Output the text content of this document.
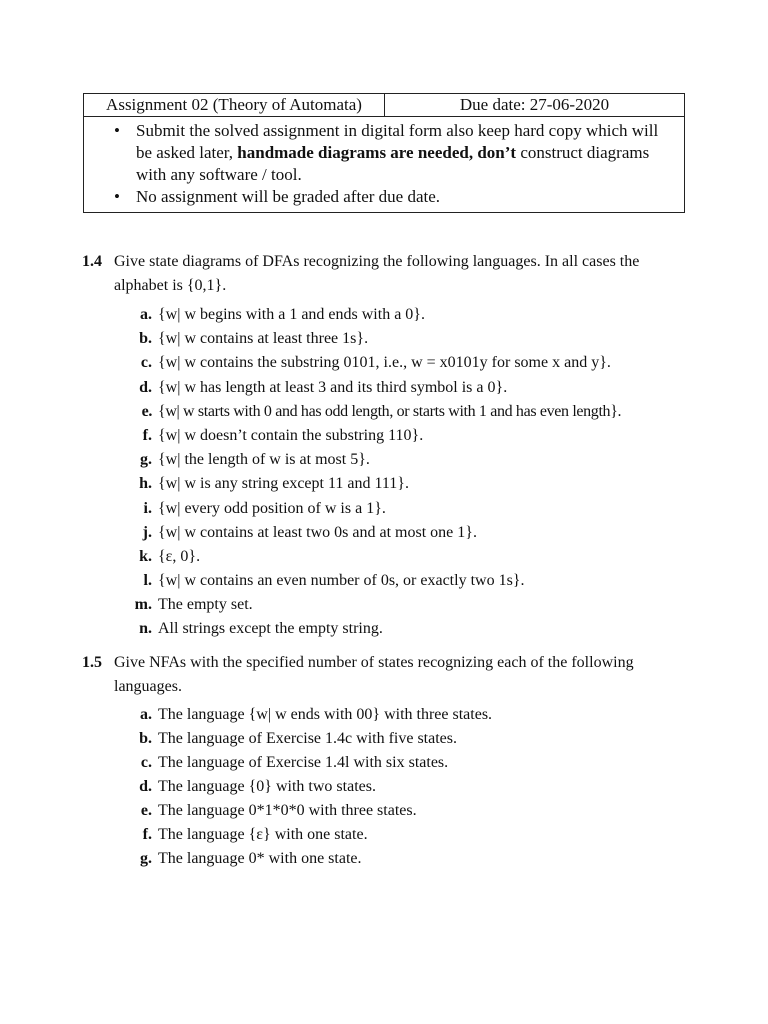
Assignment 02 (Theory of Automata)	Due date: 27-06-2020

• Submit the solved assignment in digital form also keep hard copy which will be asked later, handmade diagrams are needed, don’t construct diagrams with any software / tool.
• No assignment will be graded after due date.
1.4 Give state diagrams of DFAs recognizing the following languages. In all cases the alphabet is {0,1}.
a. {w| w begins with a 1 and ends with a 0}.
b. {w| w contains at least three 1s}.
c. {w| w contains the substring 0101, i.e., w = x0101y for some x and y}.
d. {w| w has length at least 3 and its third symbol is a 0}.
e. {w| w starts with 0 and has odd length, or starts with 1 and has even length}.
f. {w| w doesn’t contain the substring 110}.
g. {w| the length of w is at most 5}.
h. {w| w is any string except 11 and 111}.
i. {w| every odd position of w is a 1}.
j. {w| w contains at least two 0s and at most one 1}.
k. {ε, 0}.
l. {w| w contains an even number of 0s, or exactly two 1s}.
m. The empty set.
n. All strings except the empty string.
1.5 Give NFAs with the specified number of states recognizing each of the following languages.
a. The language {w| w ends with 00} with three states.
b. The language of Exercise 1.4c with five states.
c. The language of Exercise 1.4l with six states.
d. The language {0} with two states.
e. The language 0*1*0*0 with three states.
f. The language {ε} with one state.
g. The language 0* with one state.
